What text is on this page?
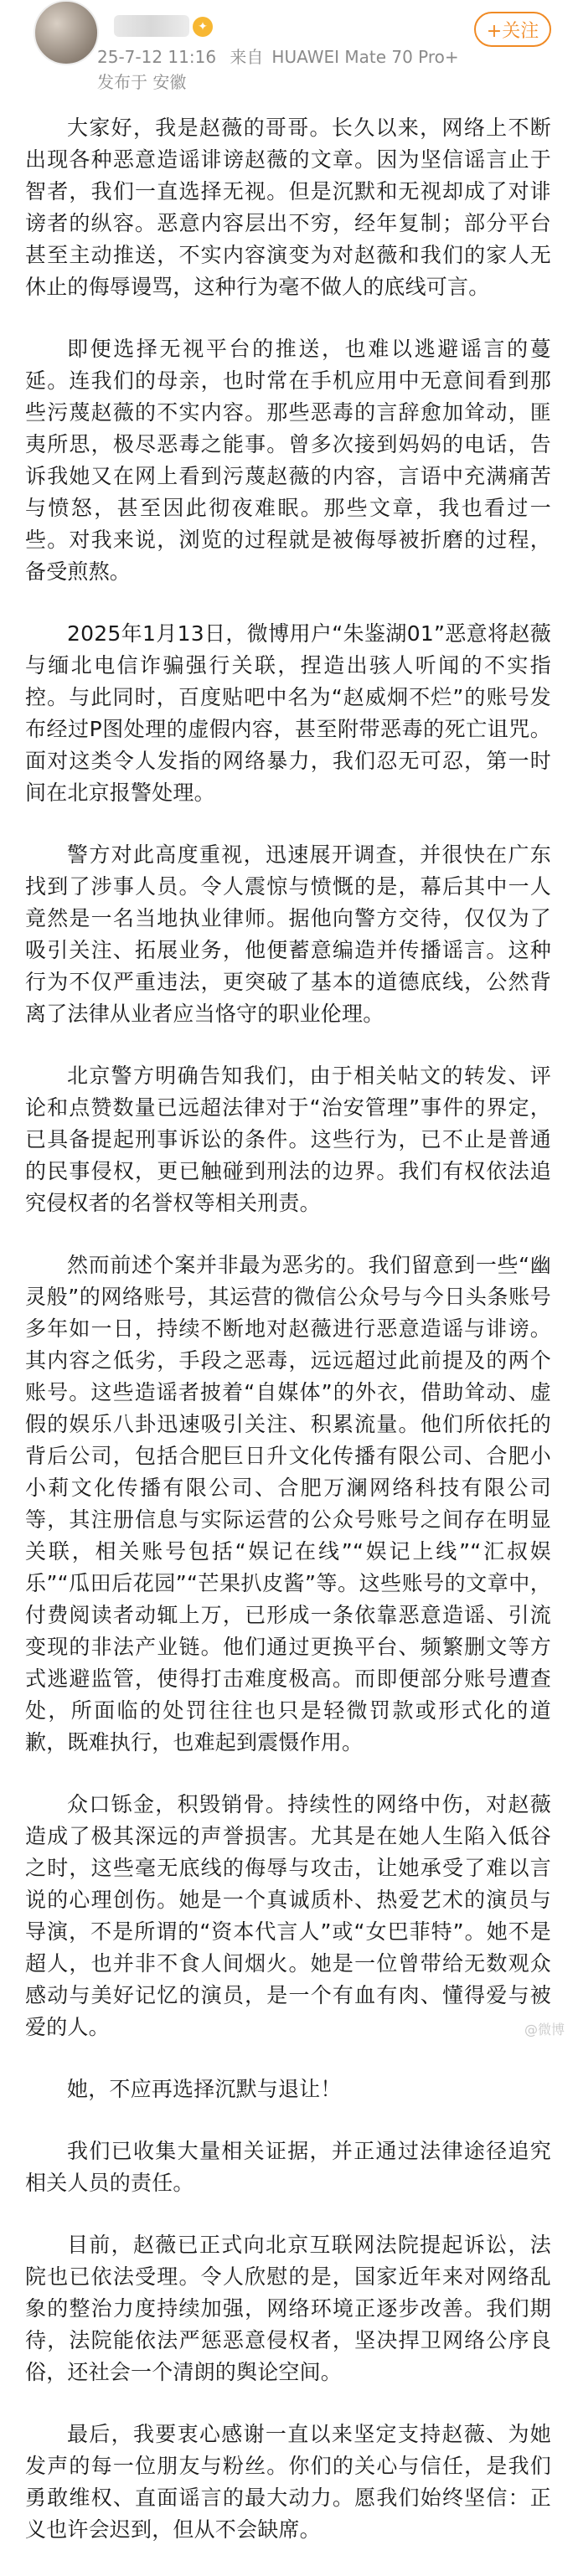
✦
25-7-12 11:16 来自 HUAWEI Mate 70 Pro+
发布于 安徽
+关注

大家好，我是赵薇的哥哥。长久以来，网络上不断出现各种恶意造谣诽谤赵薇的文章。因为坚信谣言止于智者，我们一直选择无视。但是沉默和无视却成了对诽谤者的纵容。恶意内容层出不穷，经年复制；部分平台甚至主动推送，不实内容演变为对赵薇和我们的家人无休止的侮辱谩骂，这种行为毫不做人的底线可言。

即便选择无视平台的推送，也难以逃避谣言的蔓延。连我们的母亲，也时常在手机应用中无意间看到那些污蔑赵薇的不实内容。那些恶毒的言辞愈加耸动，匪夷所思，极尽恶毒之能事。曾多次接到妈妈的电话，告诉我她又在网上看到污蔑赵薇的内容，言语中充满痛苦与愤怒，甚至因此彻夜难眠。那些文章，我也看过一些。对我来说，浏览的过程就是被侮辱被折磨的过程，备受煎熬。

2025年1月13日，微博用户“朱鉴湖01”恶意将赵薇与缅北电信诈骗强行关联，捏造出骇人听闻的不实指控。与此同时，百度贴吧中名为“赵威炯不烂”的账号发布经过P图处理的虚假内容，甚至附带恶毒的死亡诅咒。面对这类令人发指的网络暴力，我们忍无可忍，第一时间在北京报警处理。

警方对此高度重视，迅速展开调查，并很快在广东找到了涉事人员。令人震惊与愤慨的是，幕后其中一人竟然是一名当地执业律师。据他向警方交待，仅仅为了吸引关注、拓展业务，他便蓄意编造并传播谣言。这种行为不仅严重违法，更突破了基本的道德底线，公然背离了法律从业者应当恪守的职业伦理。

北京警方明确告知我们，由于相关帖文的转发、评论和点赞数量已远超法律对于“治安管理”事件的界定，已具备提起刑事诉讼的条件。这些行为，已不止是普通的民事侵权，更已触碰到刑法的边界。我们有权依法追究侵权者的名誉权等相关刑责。

然而前述个案并非最为恶劣的。我们留意到一些“幽灵般”的网络账号，其运营的微信公众号与今日头条账号多年如一日，持续不断地对赵薇进行恶意造谣与诽谤。其内容之低劣，手段之恶毒，远远超过此前提及的两个账号。这些造谣者披着“自媒体”的外衣，借助耸动、虚假的娱乐八卦迅速吸引关注、积累流量。他们所依托的背后公司，包括合肥巨日升文化传播有限公司、合肥小小莉文化传播有限公司、合肥万澜网络科技有限公司等，其注册信息与实际运营的公众号账号之间存在明显关联，相关账号包括“娱记在线”“娱记上线”“汇叔娱乐”“瓜田后花园”“芒果扒皮酱”等。这些账号的文章中，付费阅读者动辄上万，已形成一条依靠恶意造谣、引流变现的非法产业链。他们通过更换平台、频繁删文等方式逃避监管，使得打击难度极高。而即便部分账号遭查处，所面临的处罚往往也只是轻微罚款或形式化的道歉，既难执行，也难起到震慑作用。

众口铄金，积毁销骨。持续性的网络中伤，对赵薇造成了极其深远的声誉损害。尤其是在她人生陷入低谷之时，这些毫无底线的侮辱与攻击，让她承受了难以言说的心理创伤。她是一个真诚质朴、热爱艺术的演员与导演，不是所谓的“资本代言人”或“女巴菲特”。她不是超人，也并非不食人间烟火。她是一位曾带给无数观众感动与美好记忆的演员，是一个有血有肉、懂得爱与被爱的人。

她，不应再选择沉默与退让！

我们已收集大量相关证据，并正通过法律途径追究相关人员的责任。

目前，赵薇已正式向北京互联网法院提起诉讼，法院也已依法受理。令人欣慰的是，国家近年来对网络乱象的整治力度持续加强，网络环境正逐步改善。我们期待，法院能依法严惩恶意侵权者，坚决捍卫网络公序良俗，还社会一个清朗的舆论空间。

最后，我要衷心感谢一直以来坚定支持赵薇、为她发声的每一位朋友与粉丝。你们的关心与信任，是我们勇敢维权、直面谣言的最大动力。愿我们始终坚信：正义也许会迟到，但从不会缺席。

@微博
